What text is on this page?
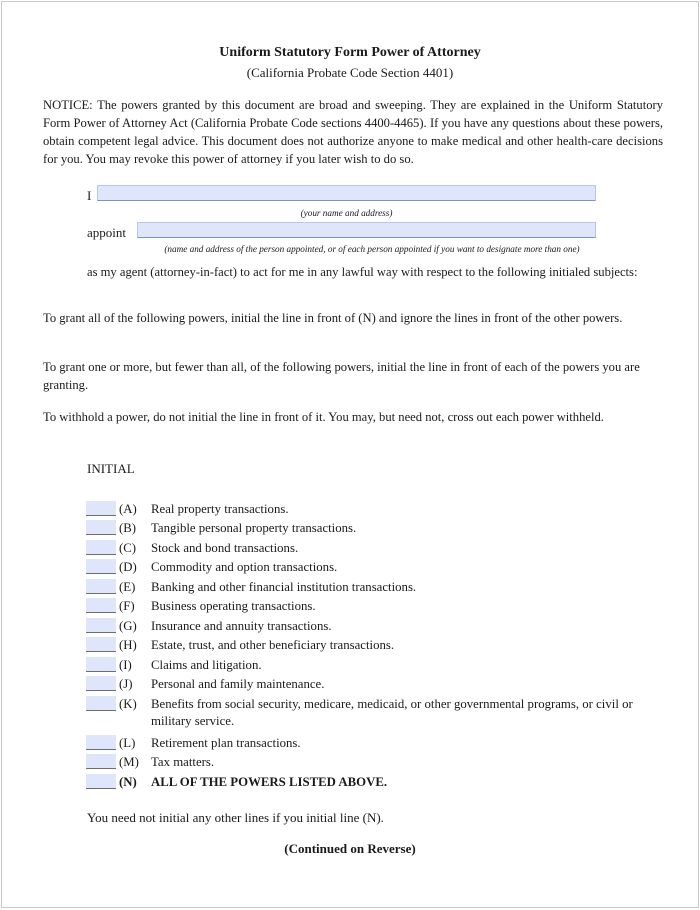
Uniform Statutory Form Power of Attorney
(California Probate Code Section 4401)
NOTICE: The powers granted by this document are broad and sweeping. They are explained in the Uniform Statutory Form Power of Attorney Act (California Probate Code sections 4400-4465). If you have any questions about these powers, obtain competent legal advice. This document does not authorize anyone to make medical and other health-care decisions for you. You may revoke this power of attorney if you later wish to do so.
I
(your name and address)
appoint
(name and address of the person appointed, or of each person appointed if you want to designate more than one)
as my agent (attorney-in-fact) to act for me in any lawful way with respect to the following initialed subjects:
To grant all of the following powers, initial the line in front of (N) and ignore the lines in front of the other powers.
To grant one or more, but fewer than all, of the following powers, initial the line in front of each of the powers you are granting.
To withhold a power, do not initial the line in front of it. You may, but need not, cross out each power withheld.
INITIAL
(A)	Real property transactions.
(B)	Tangible personal property transactions.
(C)	Stock and bond transactions.
(D)	Commodity and option transactions.
(E)	Banking and other financial institution transactions.
(F)	Business operating transactions.
(G)	Insurance and annuity transactions.
(H)	Estate, trust, and other beneficiary transactions.
(I)	Claims and litigation.
(J)	Personal and family maintenance.
(K)	Benefits from social security, medicare, medicaid, or other governmental programs, or civil or military service.
(L)	Retirement plan transactions.
(M) Tax matters.
(N)	ALL OF THE POWERS LISTED ABOVE.
You need not initial any other lines if you initial line (N).
(Continued on Reverse)
